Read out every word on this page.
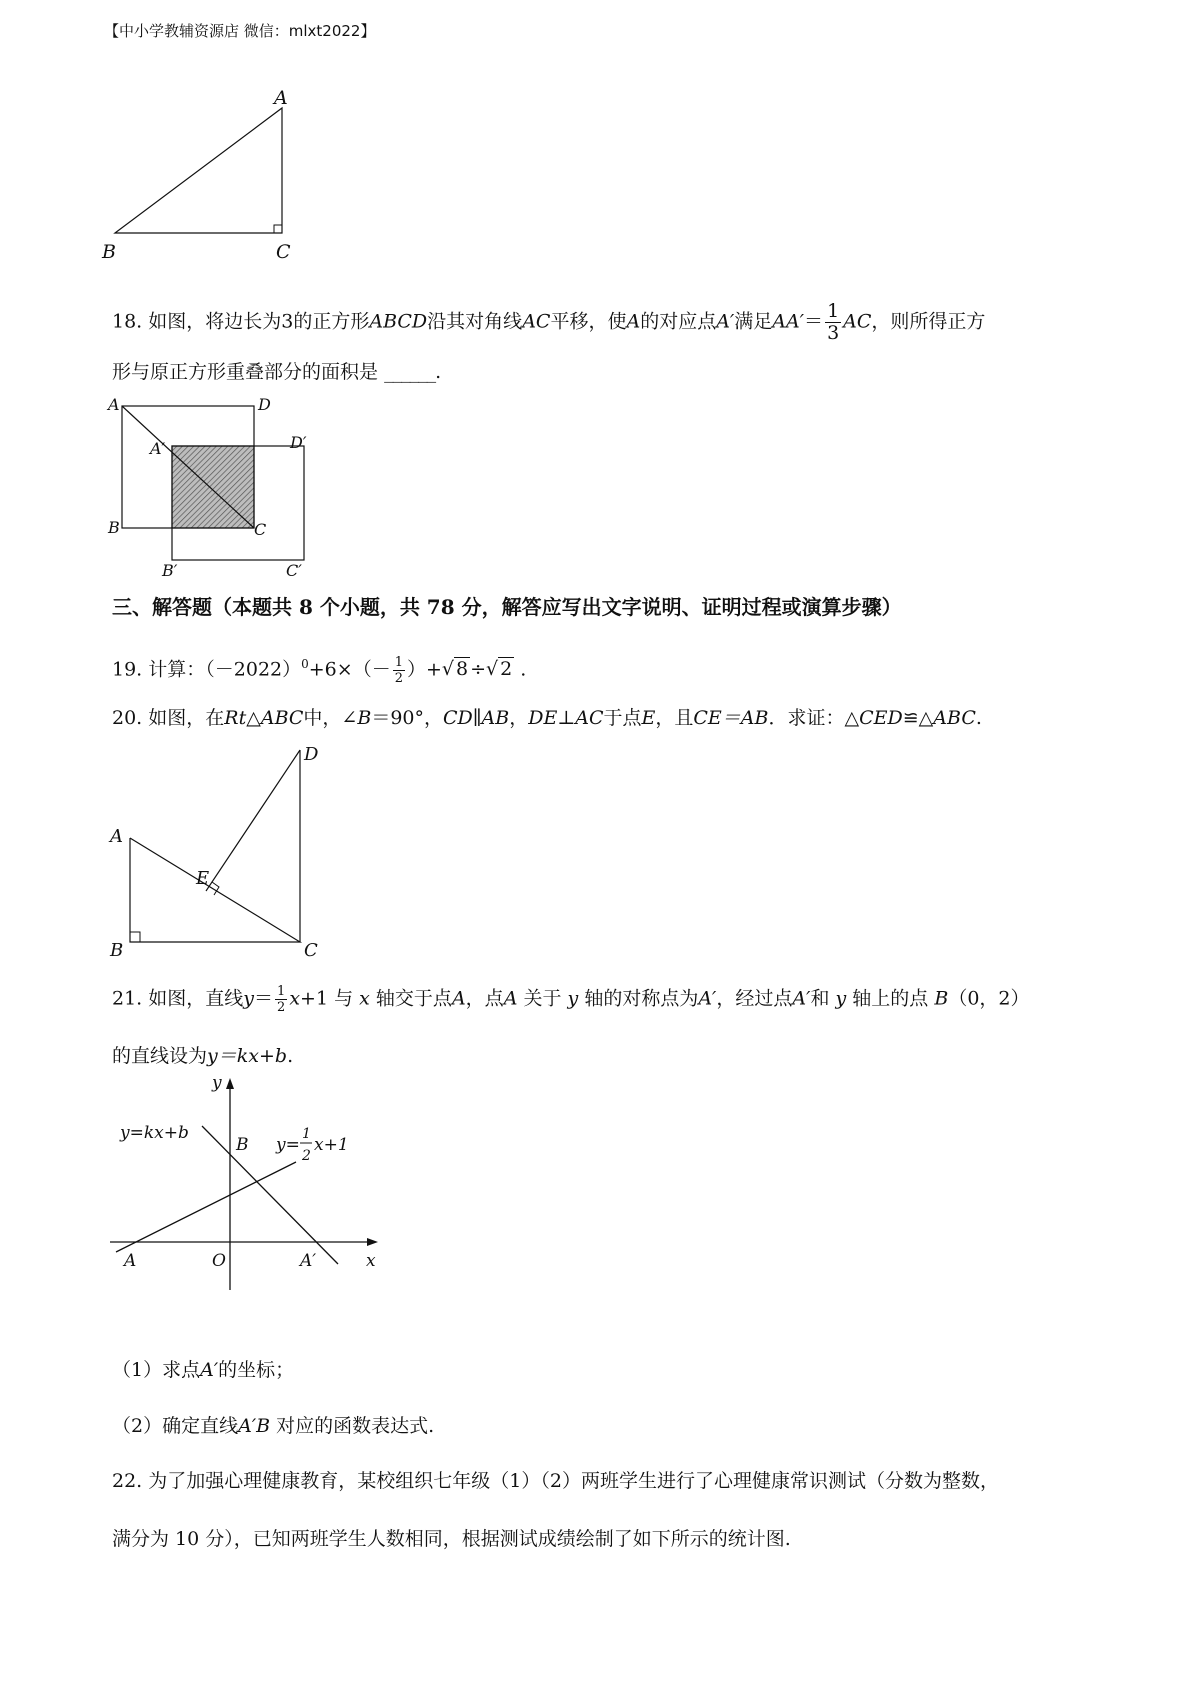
【中小学教辅资源店 微信：mlxt2022】
A
B	C
18. 如图，将边长为3的正方形ABCD沿其对角线AC平移，使A的对应点A′满足$AA'= \frac{1}{3}$ AC，则所得正方
形与原正方形重叠部分的面积是 ______.
A	D
A′	D′
B	C
B′	C′
三、解答题（本题共 8 个小题，共 78 分，解答应写出文字说明、证明过程或演算步骤）
19. 计算：$(-2022)^0+6\times(- \frac{1}{2}$ ）+√ 8 ÷√ 2 .
20. 如图，在Rt△ABC中，∠B＝90°，CD∥AB，DE⊥AC于点E，且CE＝AB．求证：△CED≌△ABC.
A
B	C
D
E
21. 如图，直线$y= \frac{1}{2} x+1$ 与 x 轴交于点A，点A 关于 y 轴的对称点为A′，经过点A′和 y 轴上的点 B（0，2）
的直线设为y＝kx+b.
y
x
O
A	A′
B
y=kx+b
y=
1
2
x+1
（1）求点A′的坐标；
（2）确定直线A′B 对应的函数表达式.
22. 为了加强心理健康教育，某校组织七年级（1）（2）两班学生进行了心理健康常识测试（分数为整数，
满分为 10 分），已知两班学生人数相同，根据测试成绩绘制了如下所示的统计图.
